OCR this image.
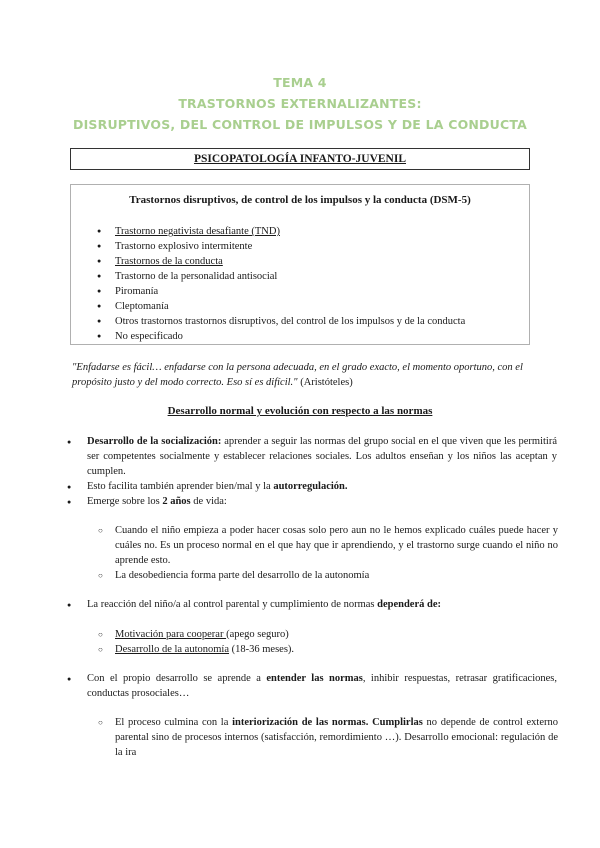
TEMA 4
TRASTORNOS EXTERNALIZANTES:
DISRUPTIVOS, DEL CONTROL DE IMPULSOS Y DE LA CONDUCTA
PSICOPATOLOGÍA INFANTO-JUVENIL
Trastornos disruptivos, de control de los impulsos y la conducta (DSM-5)
● Trastorno negativista desafiante (TND)
● Trastorno explosivo intermitente
● Trastornos de la conducta
● Trastorno de la personalidad antisocial
● Piromanía
● Cleptomanía
● Otros trastornos trastornos disruptivos, del control de los impulsos y de la conducta
● No especificado
"Enfadarse es fácil… enfadarse con la persona adecuada, en el grado exacto, el momento oportuno, con el propósito justo y del modo correcto. Eso sí es difícil." (Aristóteles)
Desarrollo normal y evolución con respecto a las normas
● Desarrollo de la socialización: aprender a seguir las normas del grupo social en el que viven que les permitirá ser competentes socialmente y establecer relaciones sociales. Los adultos enseñan y los niños las aceptan y cumplen.
● Esto facilita también aprender bien/mal y la autorregulación.
● Emerge sobre los 2 años de vida:
○ Cuando el niño empieza a poder hacer cosas solo pero aun no le hemos explicado cuáles puede hacer y cuáles no. Es un proceso normal en el que hay que ir aprendiendo, y el trastorno surge cuando el niño no aprende esto.
○ La desobediencia forma parte del desarrollo de la autonomía
● La reacción del niño/a al control parental y cumplimiento de normas dependerá de:
○ Motivación para cooperar (apego seguro)
○ Desarrollo de la autonomía (18-36 meses).
● Con el propio desarrollo se aprende a entender las normas, inhibir respuestas, retrasar gratificaciones, conductas prosociales…
○ El proceso culmina con la interiorización de las normas. Cumplirlas no depende de control externo parental sino de procesos internos (satisfacción, remordimiento …). Desarrollo emocional: regulación de la ira
